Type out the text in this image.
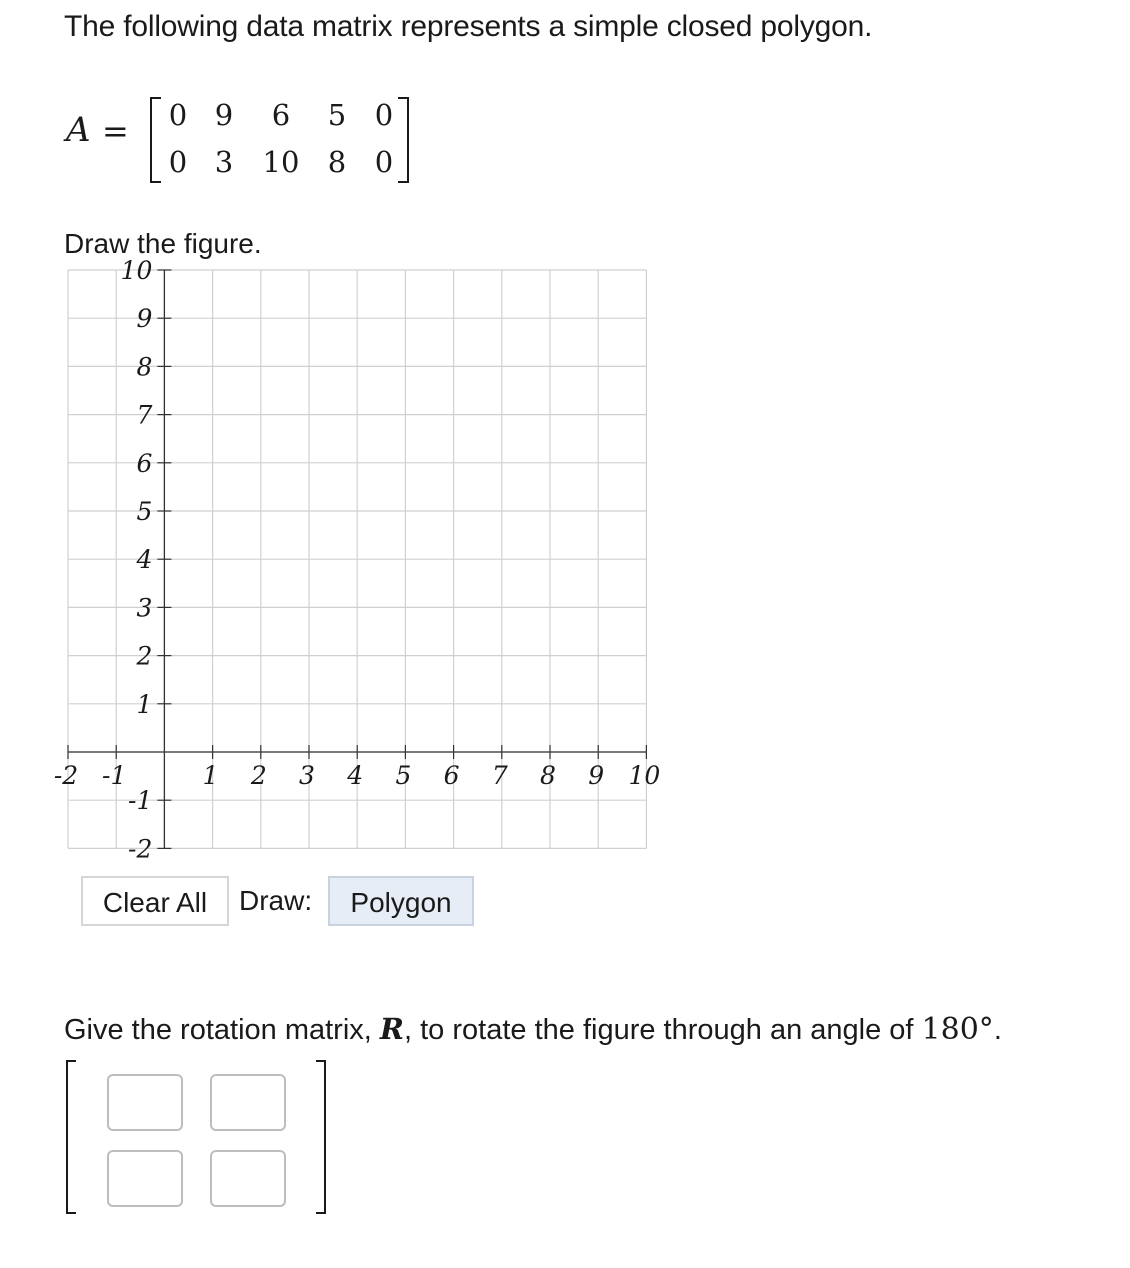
The following data matrix represents a simple closed polygon.
A =	0 9	6	5 0
0 3	10 8 0
Draw the figure.
-2 -1	1 2 3 4 5 6 7 8 9 10
10
9
8
7
6
5
4
3
2
1
-1
-2
Clear All	Draw:	Polygon
Give the rotation matrix, R, to rotate the figure through an angle of 180°.
